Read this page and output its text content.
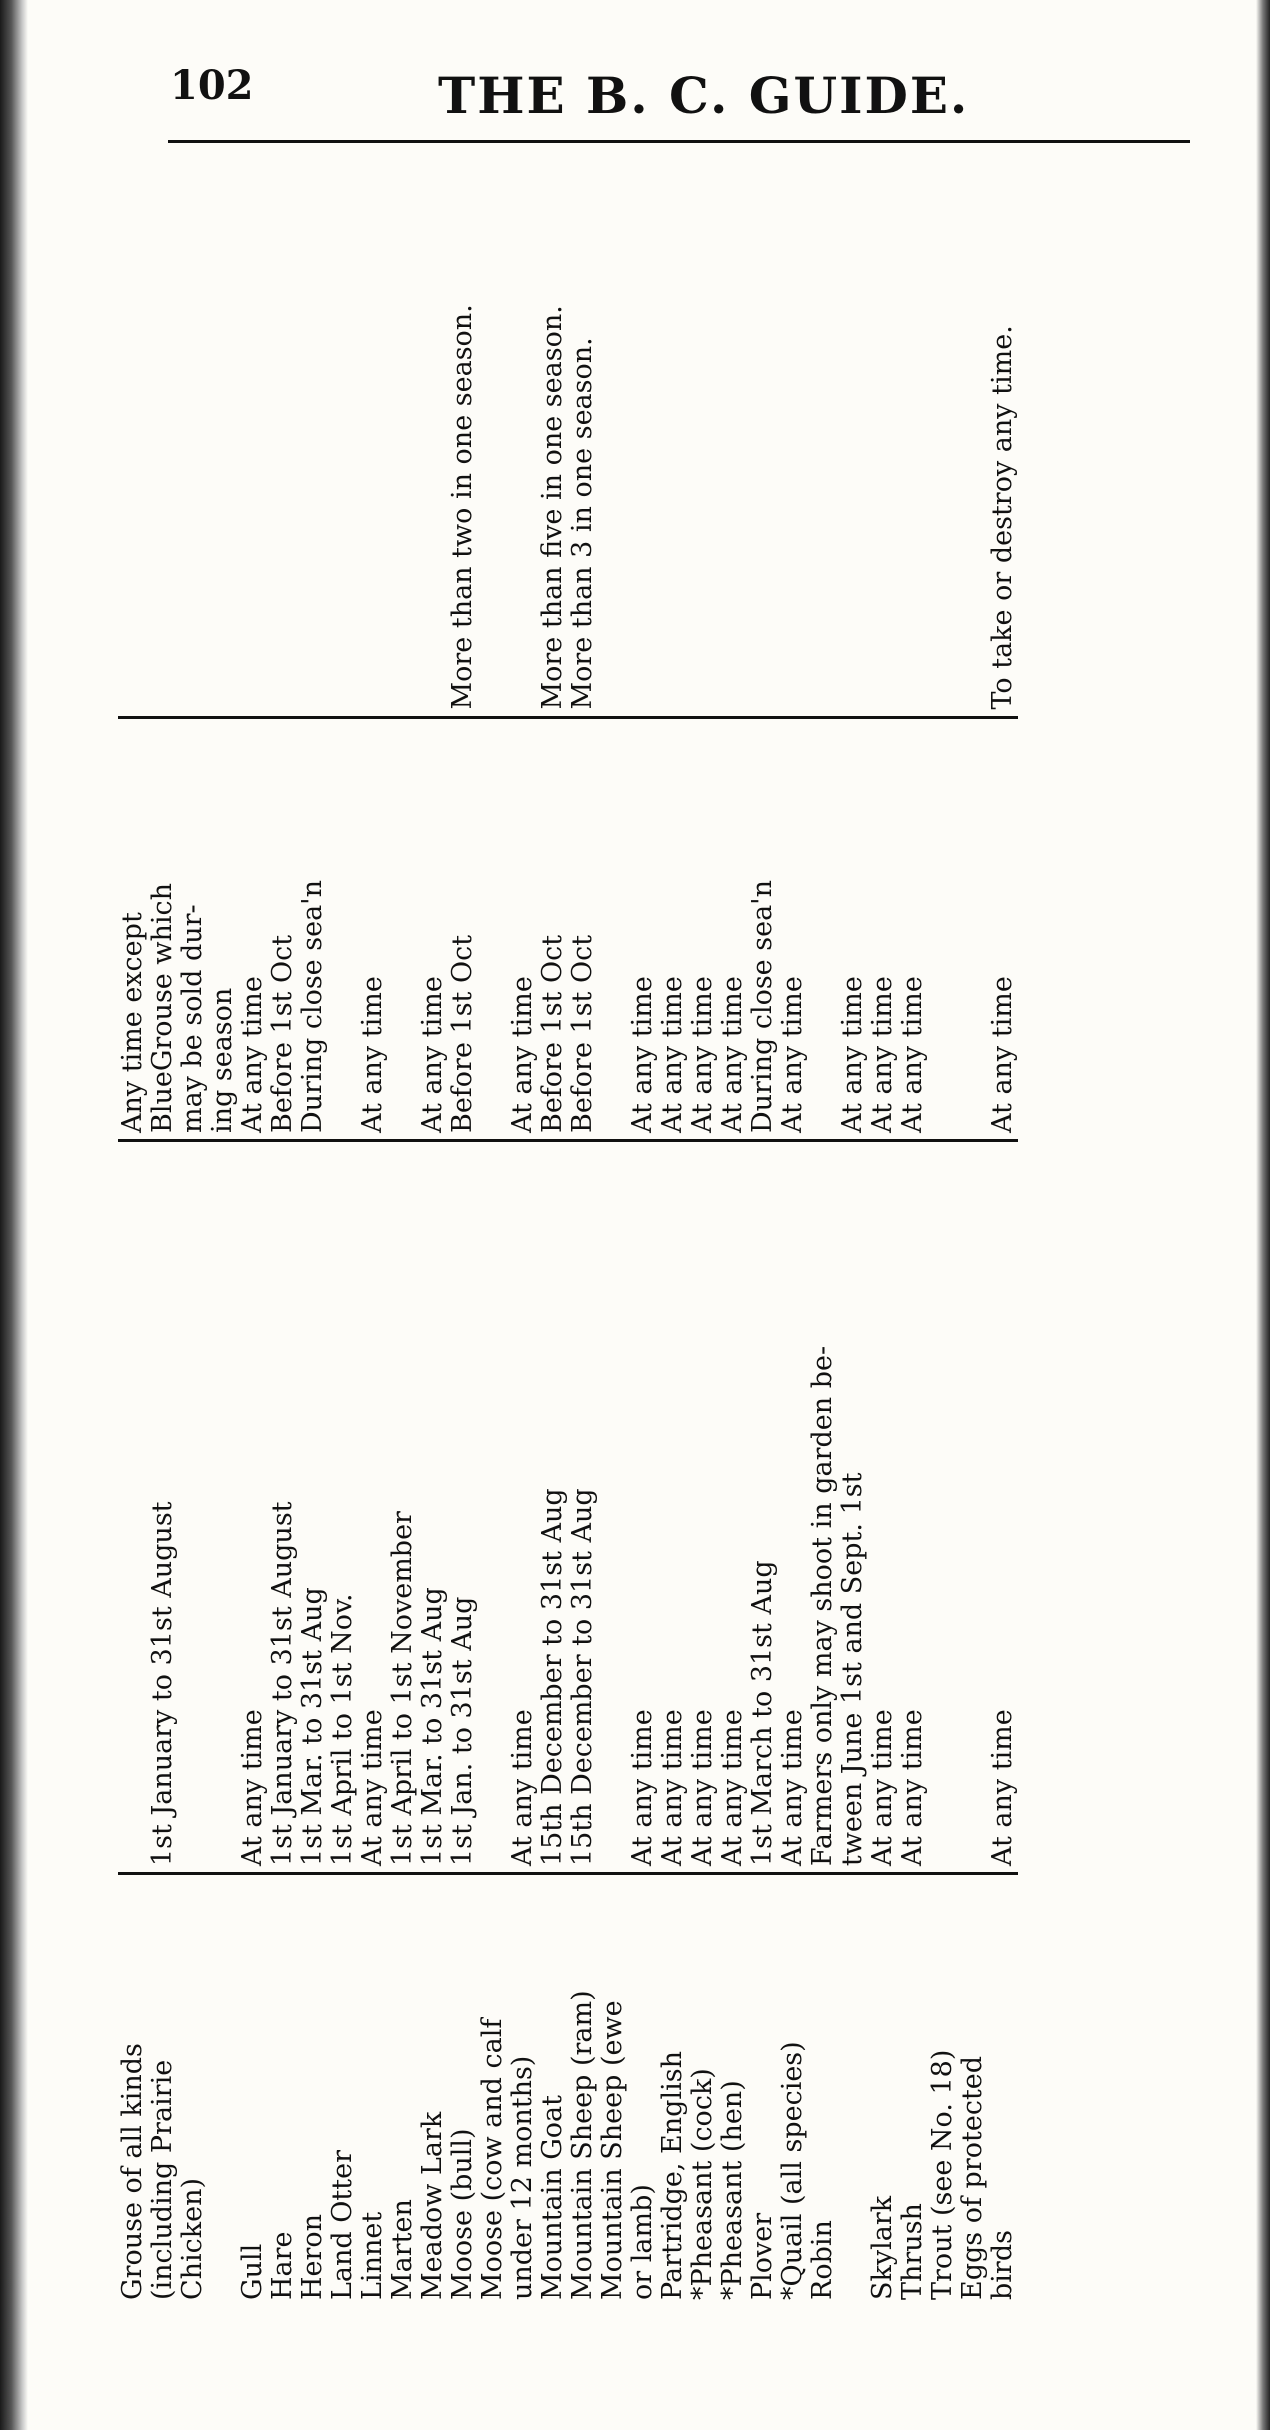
102	THE B. C. GUIDE.
Grouse of all kinds		Any time except	
(including Prairie	1st January to 31st August	BlueGrouse which	
Chicken)		may be sold dur-	
		ing season	
Gull	At any time	At any time	
Hare	1st January to 31st August	Before 1st Oct	
Heron	1st Mar. to 31st Aug	During close sea'n	
Land Otter	1st April to 1st Nov.		
Linnet	At any time	At any time	
Marten	1st April to 1st November		
Meadow Lark	1st Mar. to 31st Aug	At any time	
Moose (bull)	1st Jan. to 31st Aug	Before 1st Oct	More than two in one season.
Moose (cow and calf			
under 12 months)	At any time	At any time	
Mountain Goat	15th December to 31st Aug	Before 1st Oct	More than five in one season.
Mountain Sheep (ram)	15th December to 31st Aug	Before 1st Oct	More than 3 in one season.
Mountain Sheep (ewe			
or lamb)	At any time	At any time	
Partridge, English	At any time	At any time	
*Pheasant (cock)	At any time	At any time	
*Pheasant (hen)	At any time	At any time	
Plover	1st March to 31st Aug	During close sea'n	
*Quail (all species)	At any time	At any time	
Robin	Farmers only may shoot in garden be-		
	tween June 1st and Sept. 1st	At any time	
Skylark	At any time	At any time	
Thrush	At any time	At any time	
Trout (see No. 18)			
Eggs of protected			
birds	At any time	At any time	To take or destroy any time.
